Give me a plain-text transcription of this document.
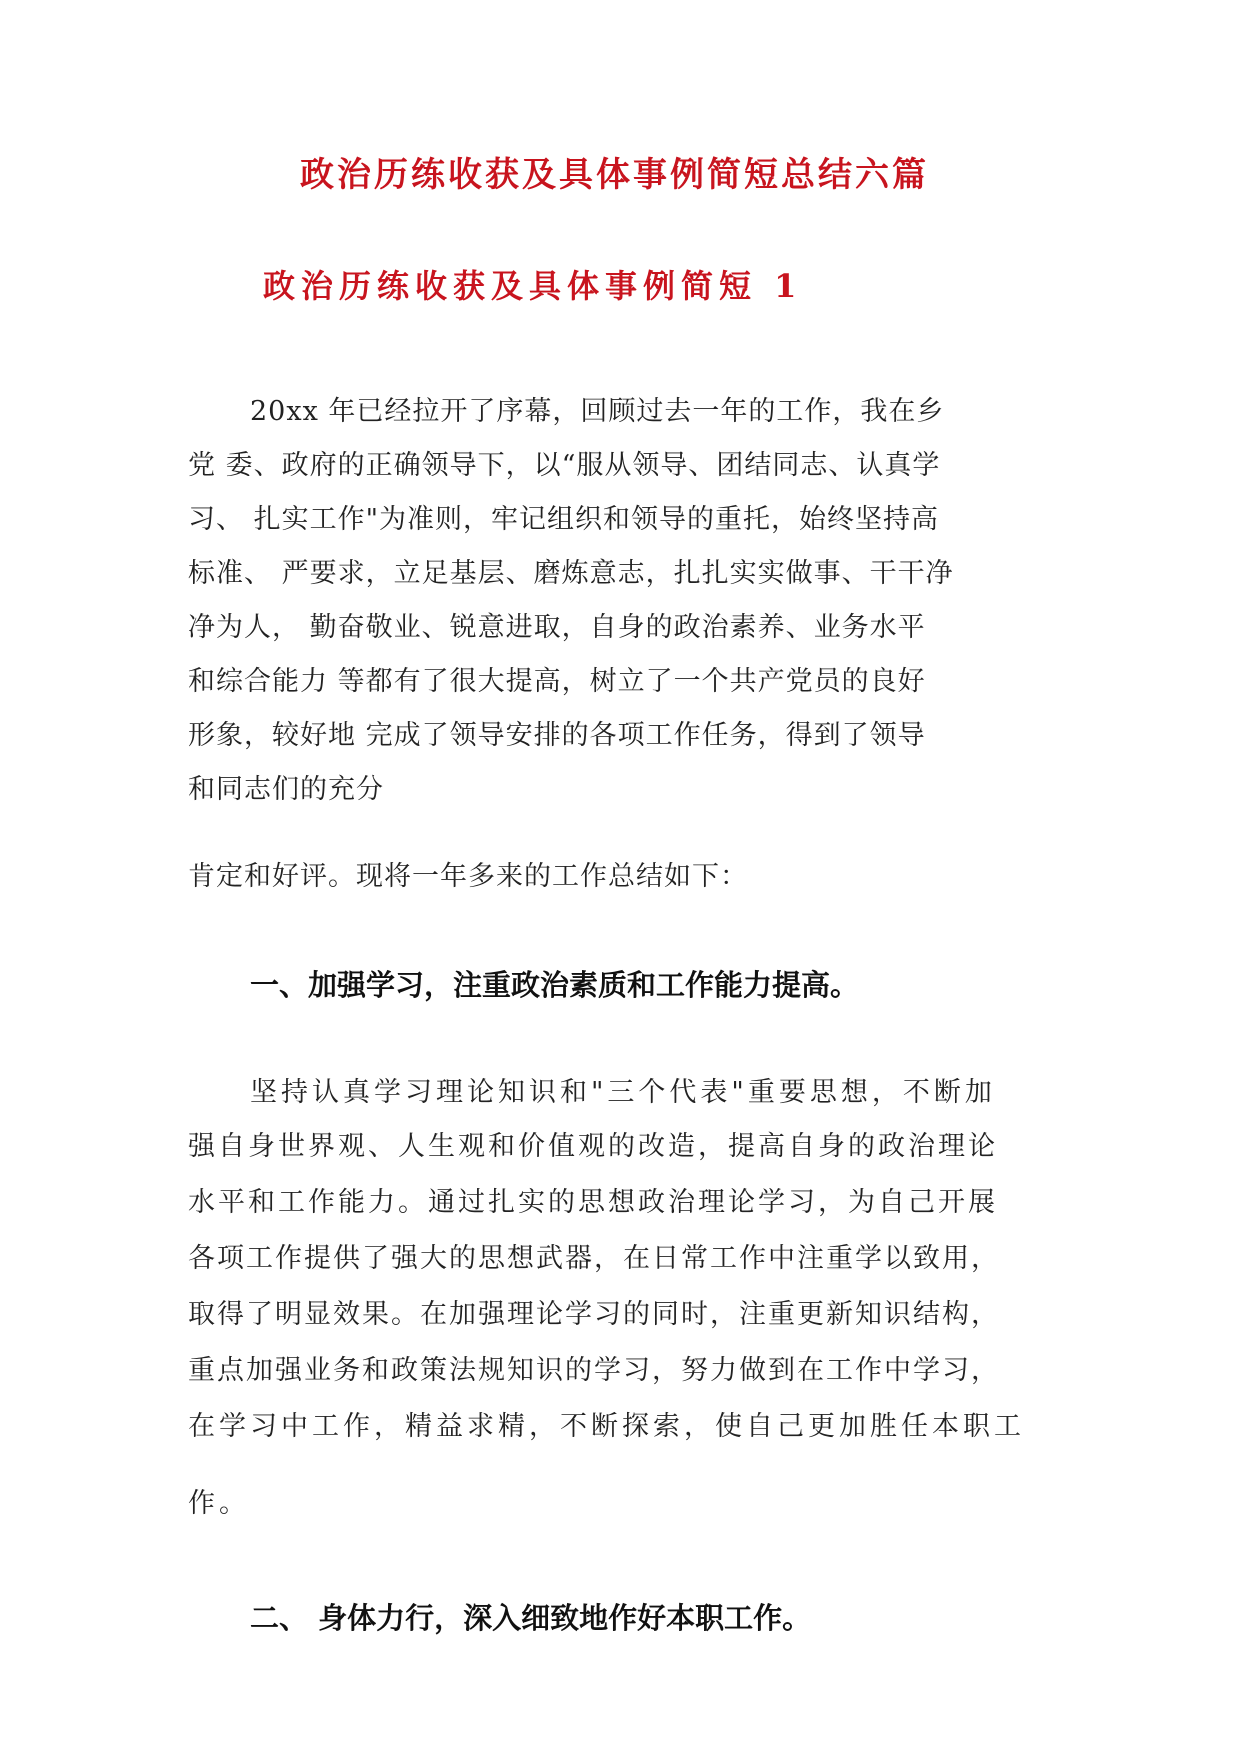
政治历练收获及具体事例简短总结六篇
政治历练收获及具体事例简短 1
20xx 年已经拉开了序幕，回顾过去一年的工作，我在乡
党 委、政府的正确领导下，以“服从领导、团结同志、认真学
习、 扎实工作"为准则，牢记组织和领导的重托，始终坚持高
标准、 严要求，立足基层、磨炼意志，扎扎实实做事、干干净
净为人， 勤奋敬业、锐意进取，自身的政治素养、业务水平
和综合能力 等都有了很大提高，树立了一个共产党员的良好
形象，较好地 完成了领导安排的各项工作任务，得到了领导
和同志们的充分
肯定和好评。现将一年多来的工作总结如下：
一、加强学习，注重政治素质和工作能力提高。
坚持认真学习理论知识和"三个代表"重要思想，不断加
强自身世界观、人生观和价值观的改造，提高自身的政治理论
水平和工作能力。通过扎实的思想政治理论学习，为自己开展
各项工作提供了强大的思想武器，在日常工作中注重学以致用，
取得了明显效果。在加强理论学习的同时，注重更新知识结构，
重点加强业务和政策法规知识的学习，努力做到在工作中学习，
在学习中工作，精益求精，不断探索，使自己更加胜任本职工
作。
二、 身体力行，深入细致地作好本职工作。
